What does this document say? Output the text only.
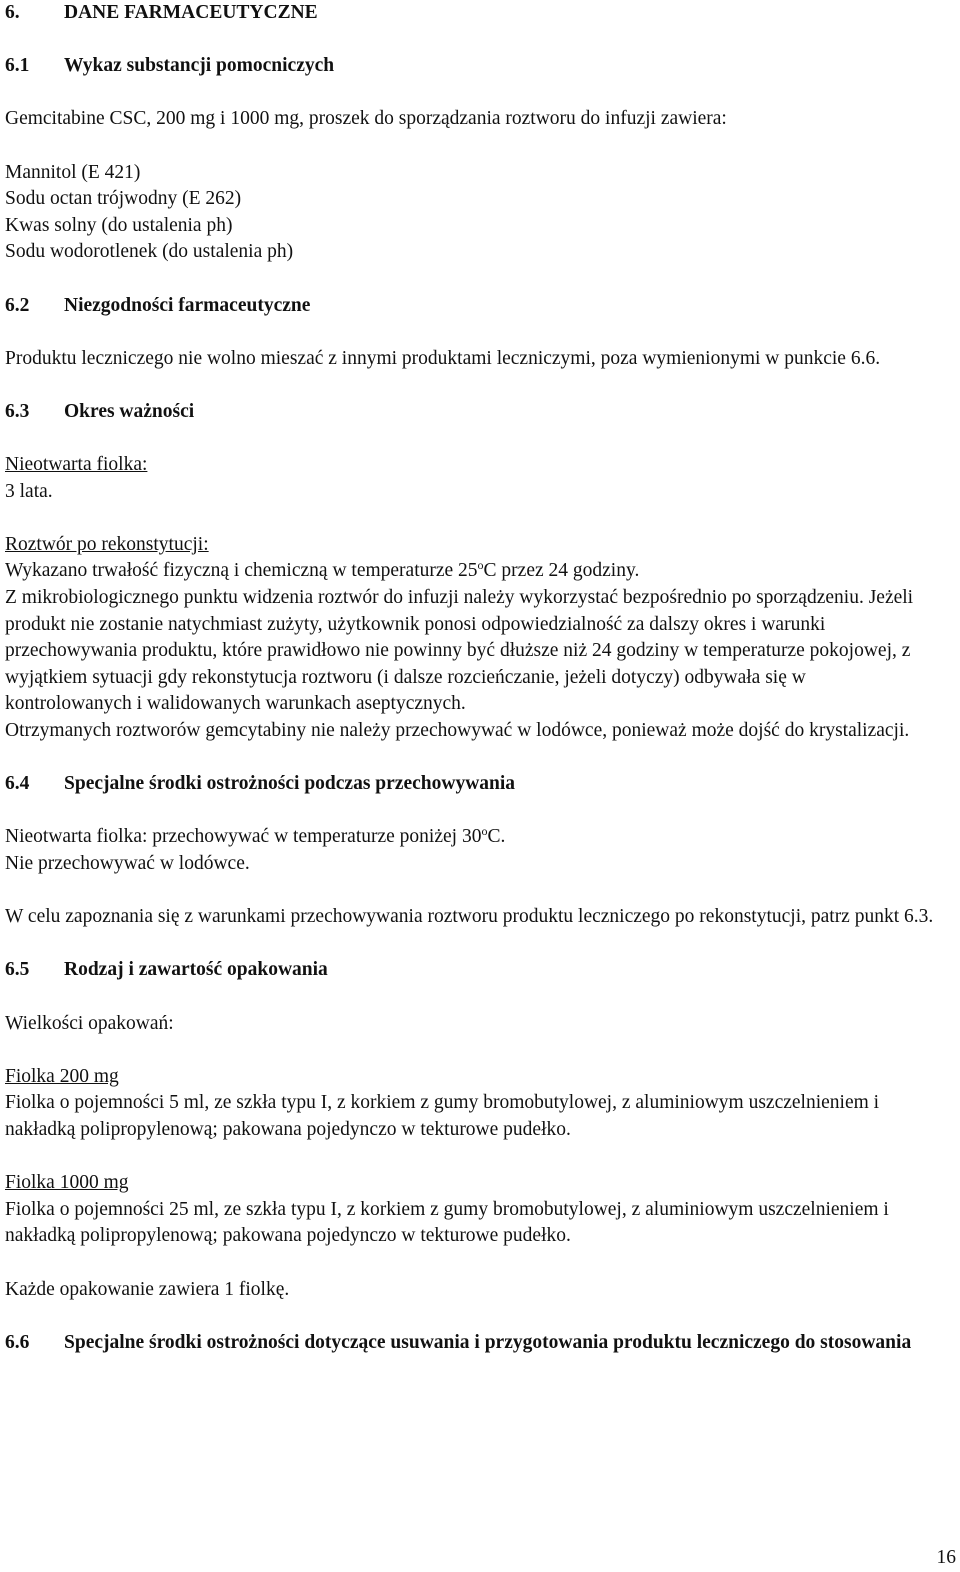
6.	DANE FARMACEUTYCZNE
6.1	Wykaz substancji pomocniczych

Gemcitabine CSC, 200 mg i 1000 mg, proszek do sporządzania roztworu do infuzji zawiera:

Mannitol (E 421)

Sodu octan trójwodny (E 262)

Kwas solny (do ustalenia ph)

Sodu wodorotlenek (do ustalenia ph)

6.2	Niezgodności farmaceutyczne

Produktu leczniczego nie wolno mieszać z innymi produktami leczniczymi, poza wymienionymi w punkcie 6.6.

6.3	Okres ważności

Nieotwarta fiolka:

3 lata.

Roztwór po rekonstytucji:

Wykazano trwałość fizyczną i chemiczną w temperaturze 25$^o$C przez 24 godziny.

Z mikrobiologicznego punktu widzenia roztwór do infuzji należy wykorzystać bezpośrednio po sporządzeniu. Jeżeli produkt nie zostanie natychmiast zużyty, użytkownik ponosi odpowiedzialność za dalszy okres i warunki przechowywania produktu, które prawidłowo nie powinny być dłuższe niż 24 godziny w temperaturze pokojowej, z wyjątkiem sytuacji gdy rekonstytucja roztworu (i dalsze rozcieńczanie, jeżeli dotyczy) odbywała się w kontrolowanych i walidowanych warunkach aseptycznych.

Otrzymanych roztworów gemcytabiny nie należy przechowywać w lodówce, ponieważ może dojść do krystalizacji.

6.4	Specjalne środki ostrożności podczas przechowywania

Nieotwarta fiolka: przechowywać w temperaturze poniżej 30$^o$C.

Nie przechowywać w lodówce.

W celu zapoznania się z warunkami przechowywania roztworu produktu leczniczego po rekonstytucji, patrz punkt 6.3.

6.5	Rodzaj i zawartość opakowania

Wielkości opakowań:

Fiolka 200 mg

Fiolka o pojemności 5 ml, ze szkła typu I, z korkiem z gumy bromobutylowej, z aluminiowym uszczelnieniem i nakładką polipropylenową; pakowana pojedynczo w tekturowe pudełko.

Fiolka 1000 mg

Fiolka o pojemności 25 ml, ze szkła typu I, z korkiem z gumy bromobutylowej, z aluminiowym uszczelnieniem i nakładką polipropylenową; pakowana pojedynczo w tekturowe pudełko.

Każde opakowanie zawiera 1 fiolkę.

6.6	Specjalne środki ostrożności dotyczące usuwania i przygotowania produktu leczniczego do stosowania
16
